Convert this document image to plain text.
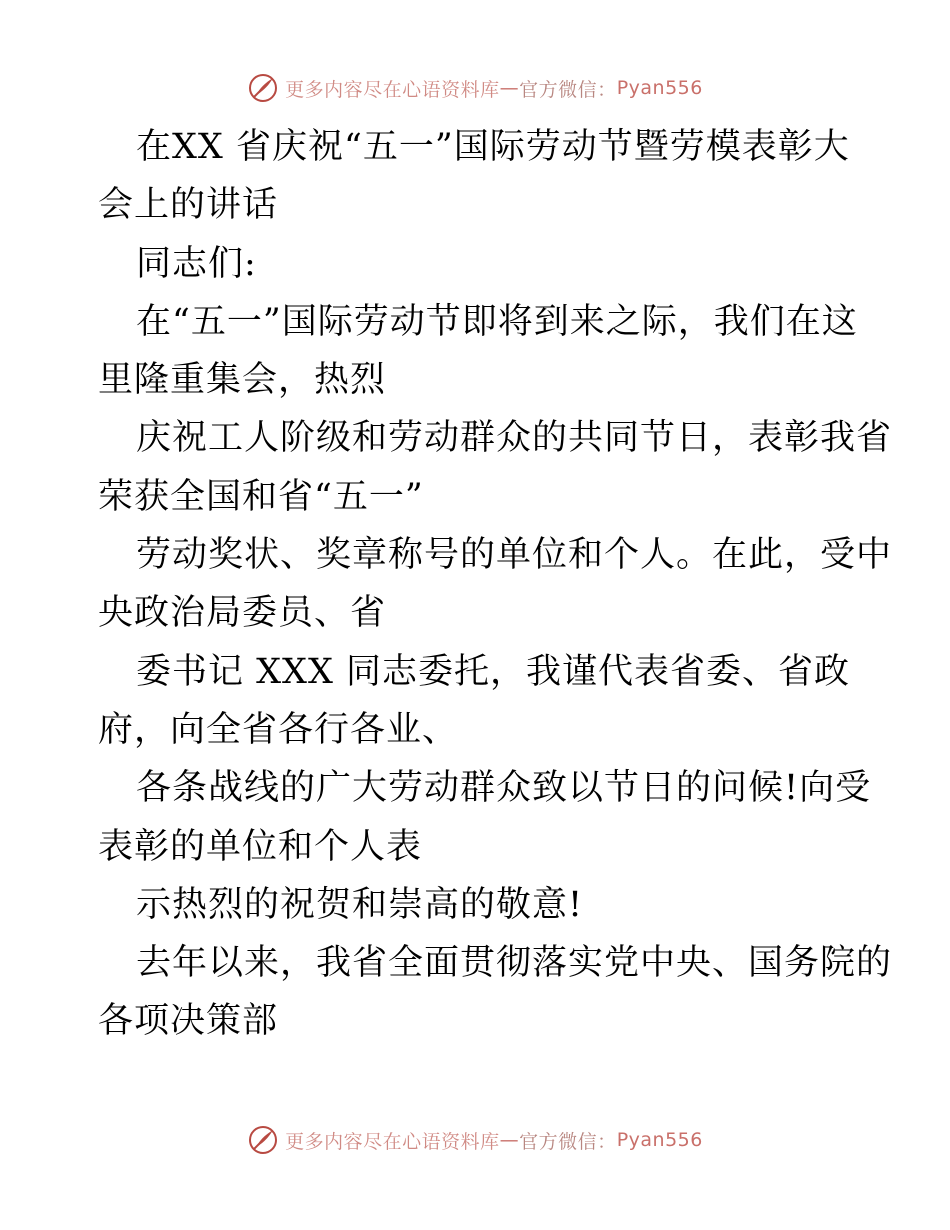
更多内容尽在心语资料库 — 官方微信： Pyan556
在XX 省庆祝“五一”国际劳动节暨劳模表彰大
会上的讲话
同志们:
在“五一”国际劳动节即将到来之际，我们在这
里隆重集会，热烈
庆祝工人阶级和劳动群众的共同节日，表彰我省
荣获全国和省“五一”
劳动奖状、奖章称号的单位和个人。在此，受中
央政治局委员、省
委书记 XXX 同志委托，我谨代表省委、省政
府，向全省各行各业、
各条战线的广大劳动群众致以节日的问候!向受
表彰的单位和个人表
示热烈的祝贺和崇高的敬意!
去年以来，我省全面贯彻落实党中央、国务院的
各项决策部
更多内容尽在心语资料库 — 官方微信： Pyan556
